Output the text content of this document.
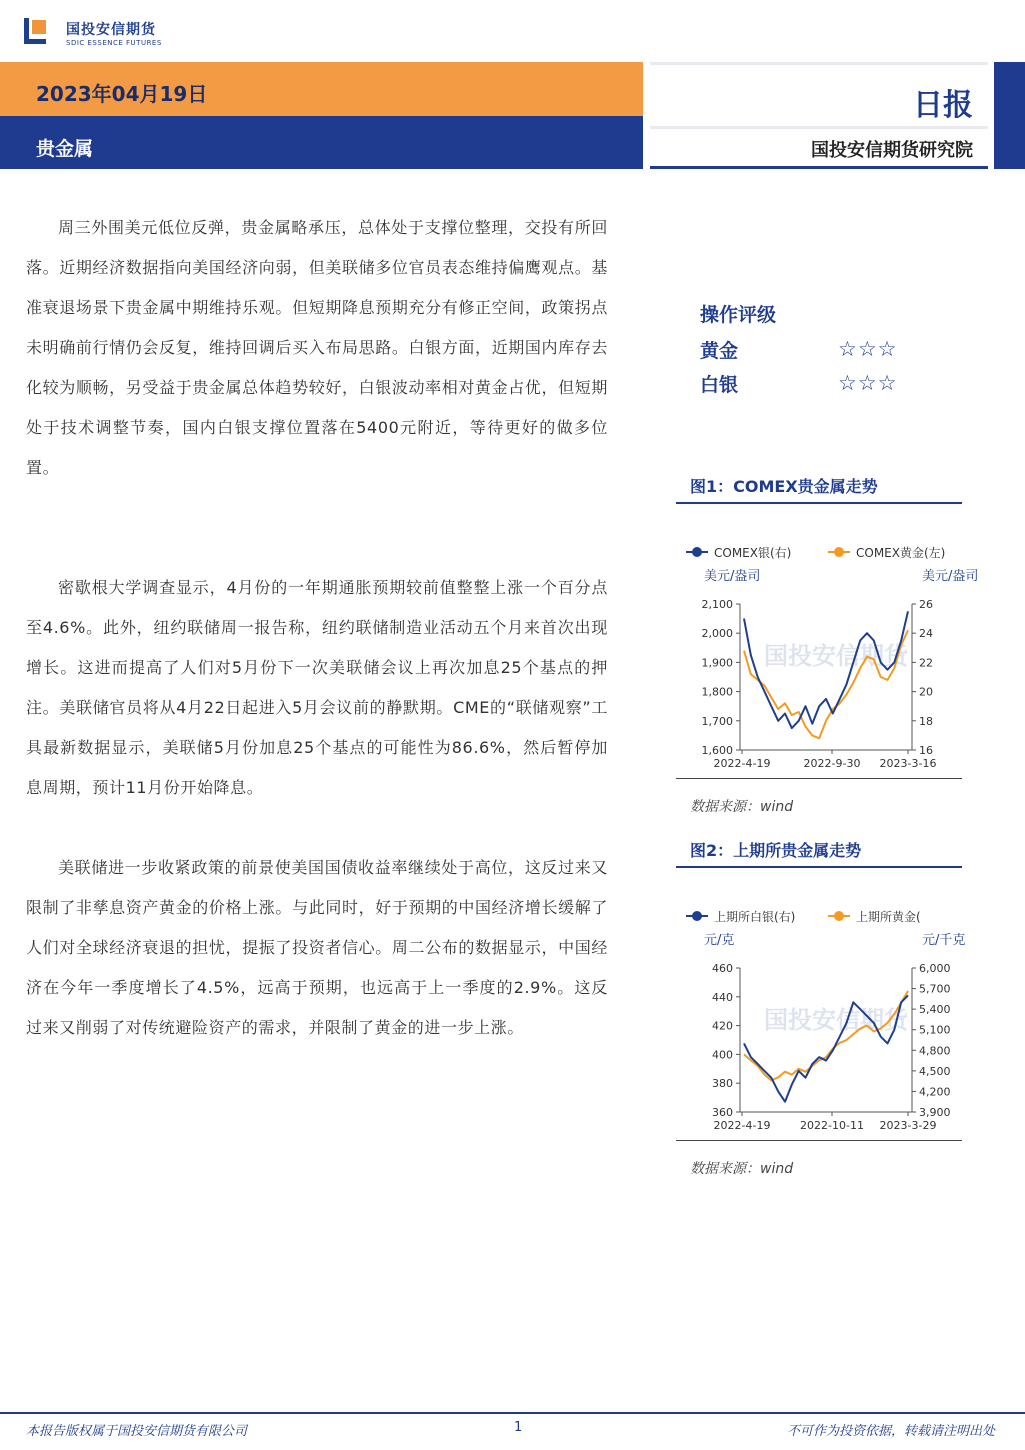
国投安信期货
SDIC ESSENCE FUTURES
2023年04月19日
贵金属
日报
国投安信期货研究院

周三外围美元低位反弹，贵金属略承压，总体处于支撑位整理，交投有所回落。近期经济数据指向美国经济向弱，但美联储多位官员表态维持偏鹰观点。基准衰退场景下贵金属中期维持乐观。但短期降息预期充分有修正空间，政策拐点未明确前行情仍会反复，维持回调后买入布局思路。白银方面，近期国内库存去化较为顺畅，另受益于贵金属总体趋势较好，白银波动率相对黄金占优，但短期处于技术调整节奏，国内白银支撑位置落在5400元附近，等待更好的做多位置。

密歇根大学调查显示，4月份的一年期通胀预期较前值整整上涨一个百分点至4.6%。此外，纽约联储周一报告称，纽约联储制造业活动五个月来首次出现增长。这进而提高了人们对5月份下一次美联储会议上再次加息25个基点的押注。美联储官员将从4月22日起进入5月会议前的静默期。CME的“联储观察”工具最新数据显示，美联储5月份加息25个基点的可能性为86.6%，然后暂停加息周期，预计11月份开始降息。

美联储进一步收紧政策的前景使美国国债收益率继续处于高位，这反过来又限制了非孳息资产黄金的价格上涨。与此同时，好于预期的中国经济增长缓解了人们对全球经济衰退的担忧，提振了投资者信心。周二公布的数据显示，中国经济在今年一季度增长了4.5%，远高于预期，也远高于上一季度的2.9%。这反过来又削弱了对传统避险资产的需求，并限制了黄金的进一步上涨。

操作评级
黄金	☆☆☆
白银	☆☆☆
图1：COMEX贵金属走势
国投安信期货
COMEX银(右)	COMEX黄金(左)
美元/盎司	美元/盎司
1,600
1,700
1,800
1,900
2,000
2,100
16
18
20
22
24
26
2022-4-19	2022-9-30 2023-3-16
数据来源：wind
图2：上期所贵金属走势
国投安信期货
上期所白银(右)	上期所黄金(
元/克	元/千克
360
380
400
420
440
460
3,900
4,200
4,500
4,800
5,100
5,400
5,700
6,000
2022-4-19	2022-10-11 2023-3-29
数据来源：wind
本报告版权属于国投安信期货有限公司	1	不可作为投资依据，转载请注明出处
